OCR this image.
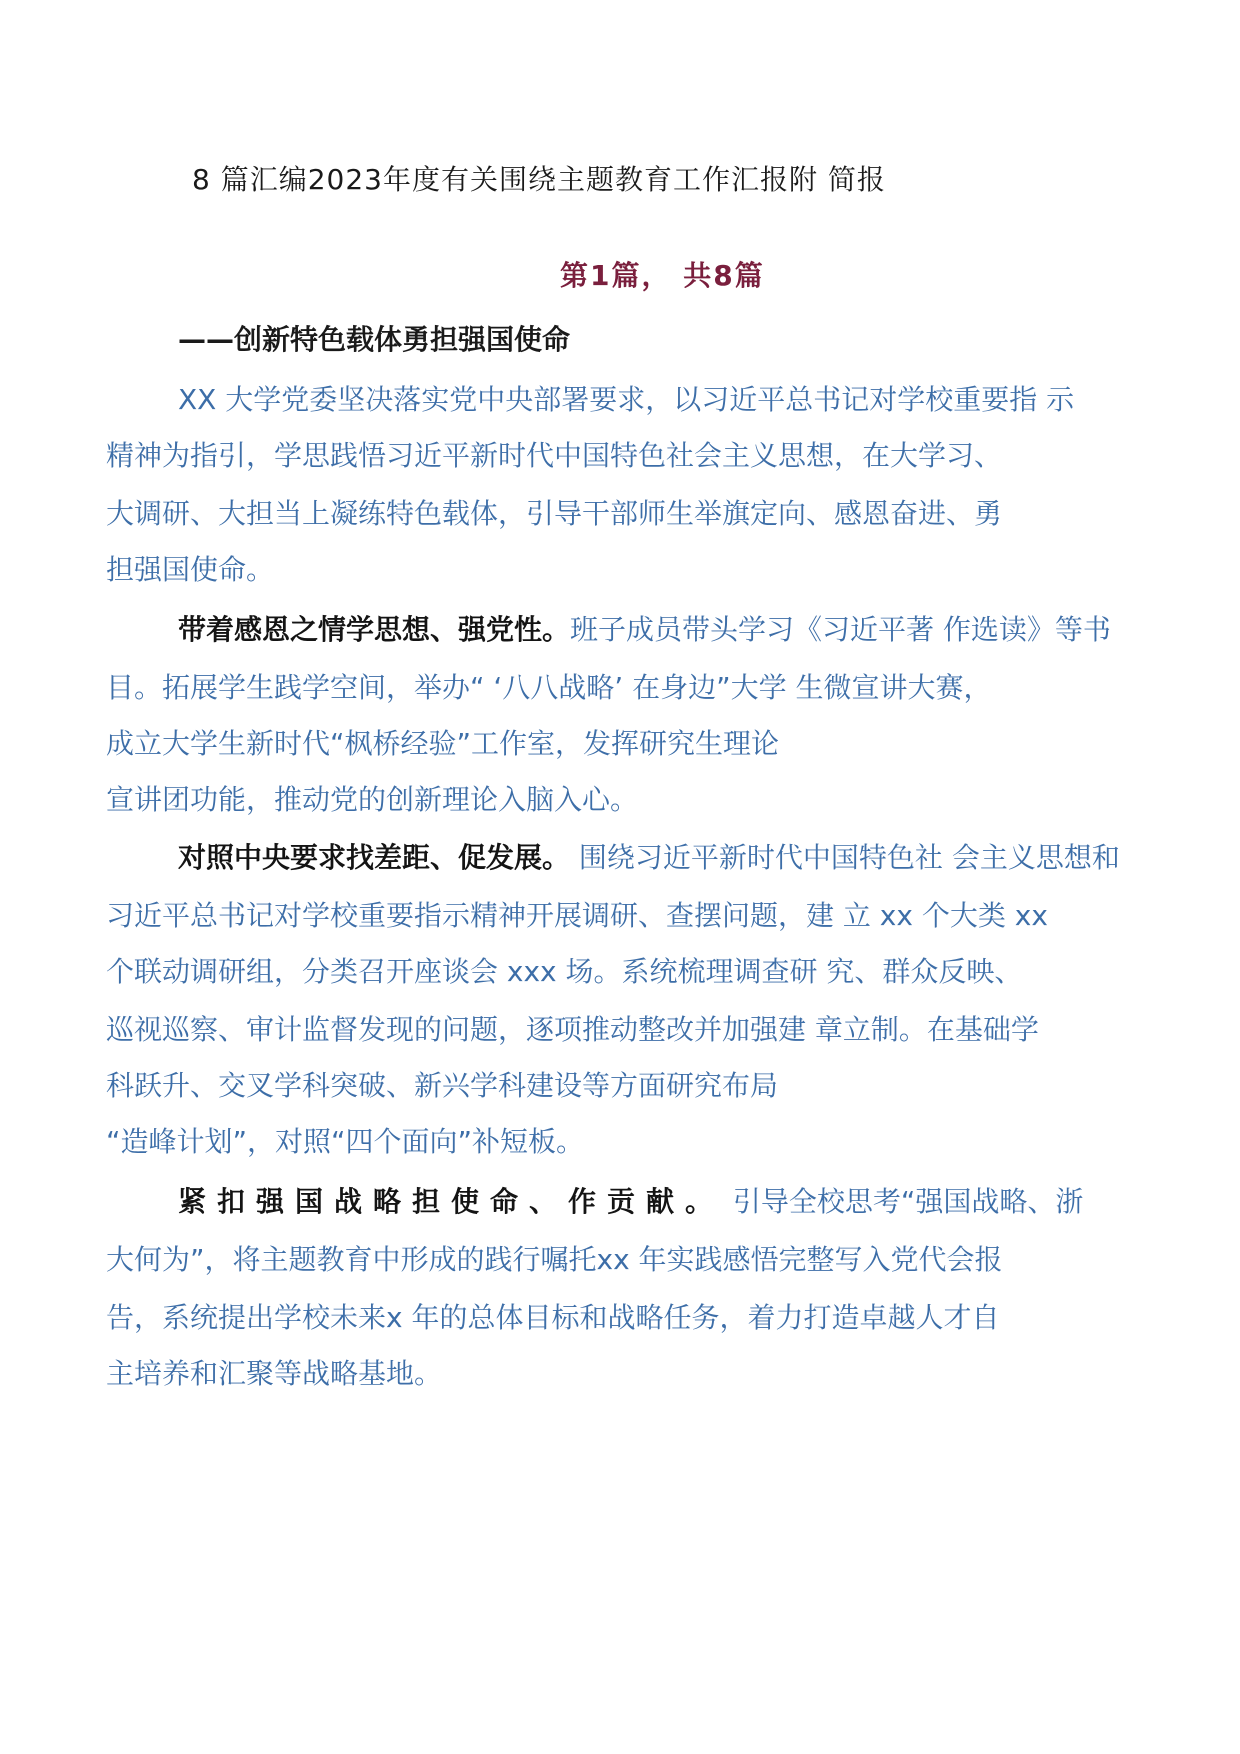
8 篇汇编2023年度有关围绕主题教育工作汇报附 简报
第1篇， 共8篇
——创新特色载体勇担强国使命
XX 大学党委坚决落实党中央部署要求，以习近平总书记对学校重要指 示
精神为指引，学思践悟习近平新时代中国特色社会主义思想，在大学习、
大调研、大担当上凝练特色载体，引导干部师生举旗定向、感恩奋进、勇
担强国使命。
带着感恩之情学思想、强党性。班子成员带头学习《习近平著 作选读》等书
目。拓展学生践学空间，举办“ ‘八八战略’ 在身边”大学 生微宣讲大赛，
成立大学生新时代“枫桥经验”工作室，发挥研究生理论
宣讲团功能，推动党的创新理论入脑入心。
对照中央要求找差距、促发展。 围绕习近平新时代中国特色社 会主义思想和
习近平总书记对学校重要指示精神开展调研、查摆问题，建 立 xx 个大类 xx
个联动调研组，分类召开座谈会 xxx 场。系统梳理调查研 究、群众反映、
巡视巡察、审计监督发现的问题，逐项推动整改并加强建 章立制。在基础学
科跃升、交叉学科突破、新兴学科建设等方面研究布局
“造峰计划”，对照“四个面向”补短板。
紧扣强国战略担使命、作贡献。 引导全校思考“强国战略、浙
大何为”，将主题教育中形成的践行嘱托xx 年实践感悟完整写入党代会报
告，系统提出学校未来x 年的总体目标和战略任务，着力打造卓越人才自
主培养和汇聚等战略基地。
